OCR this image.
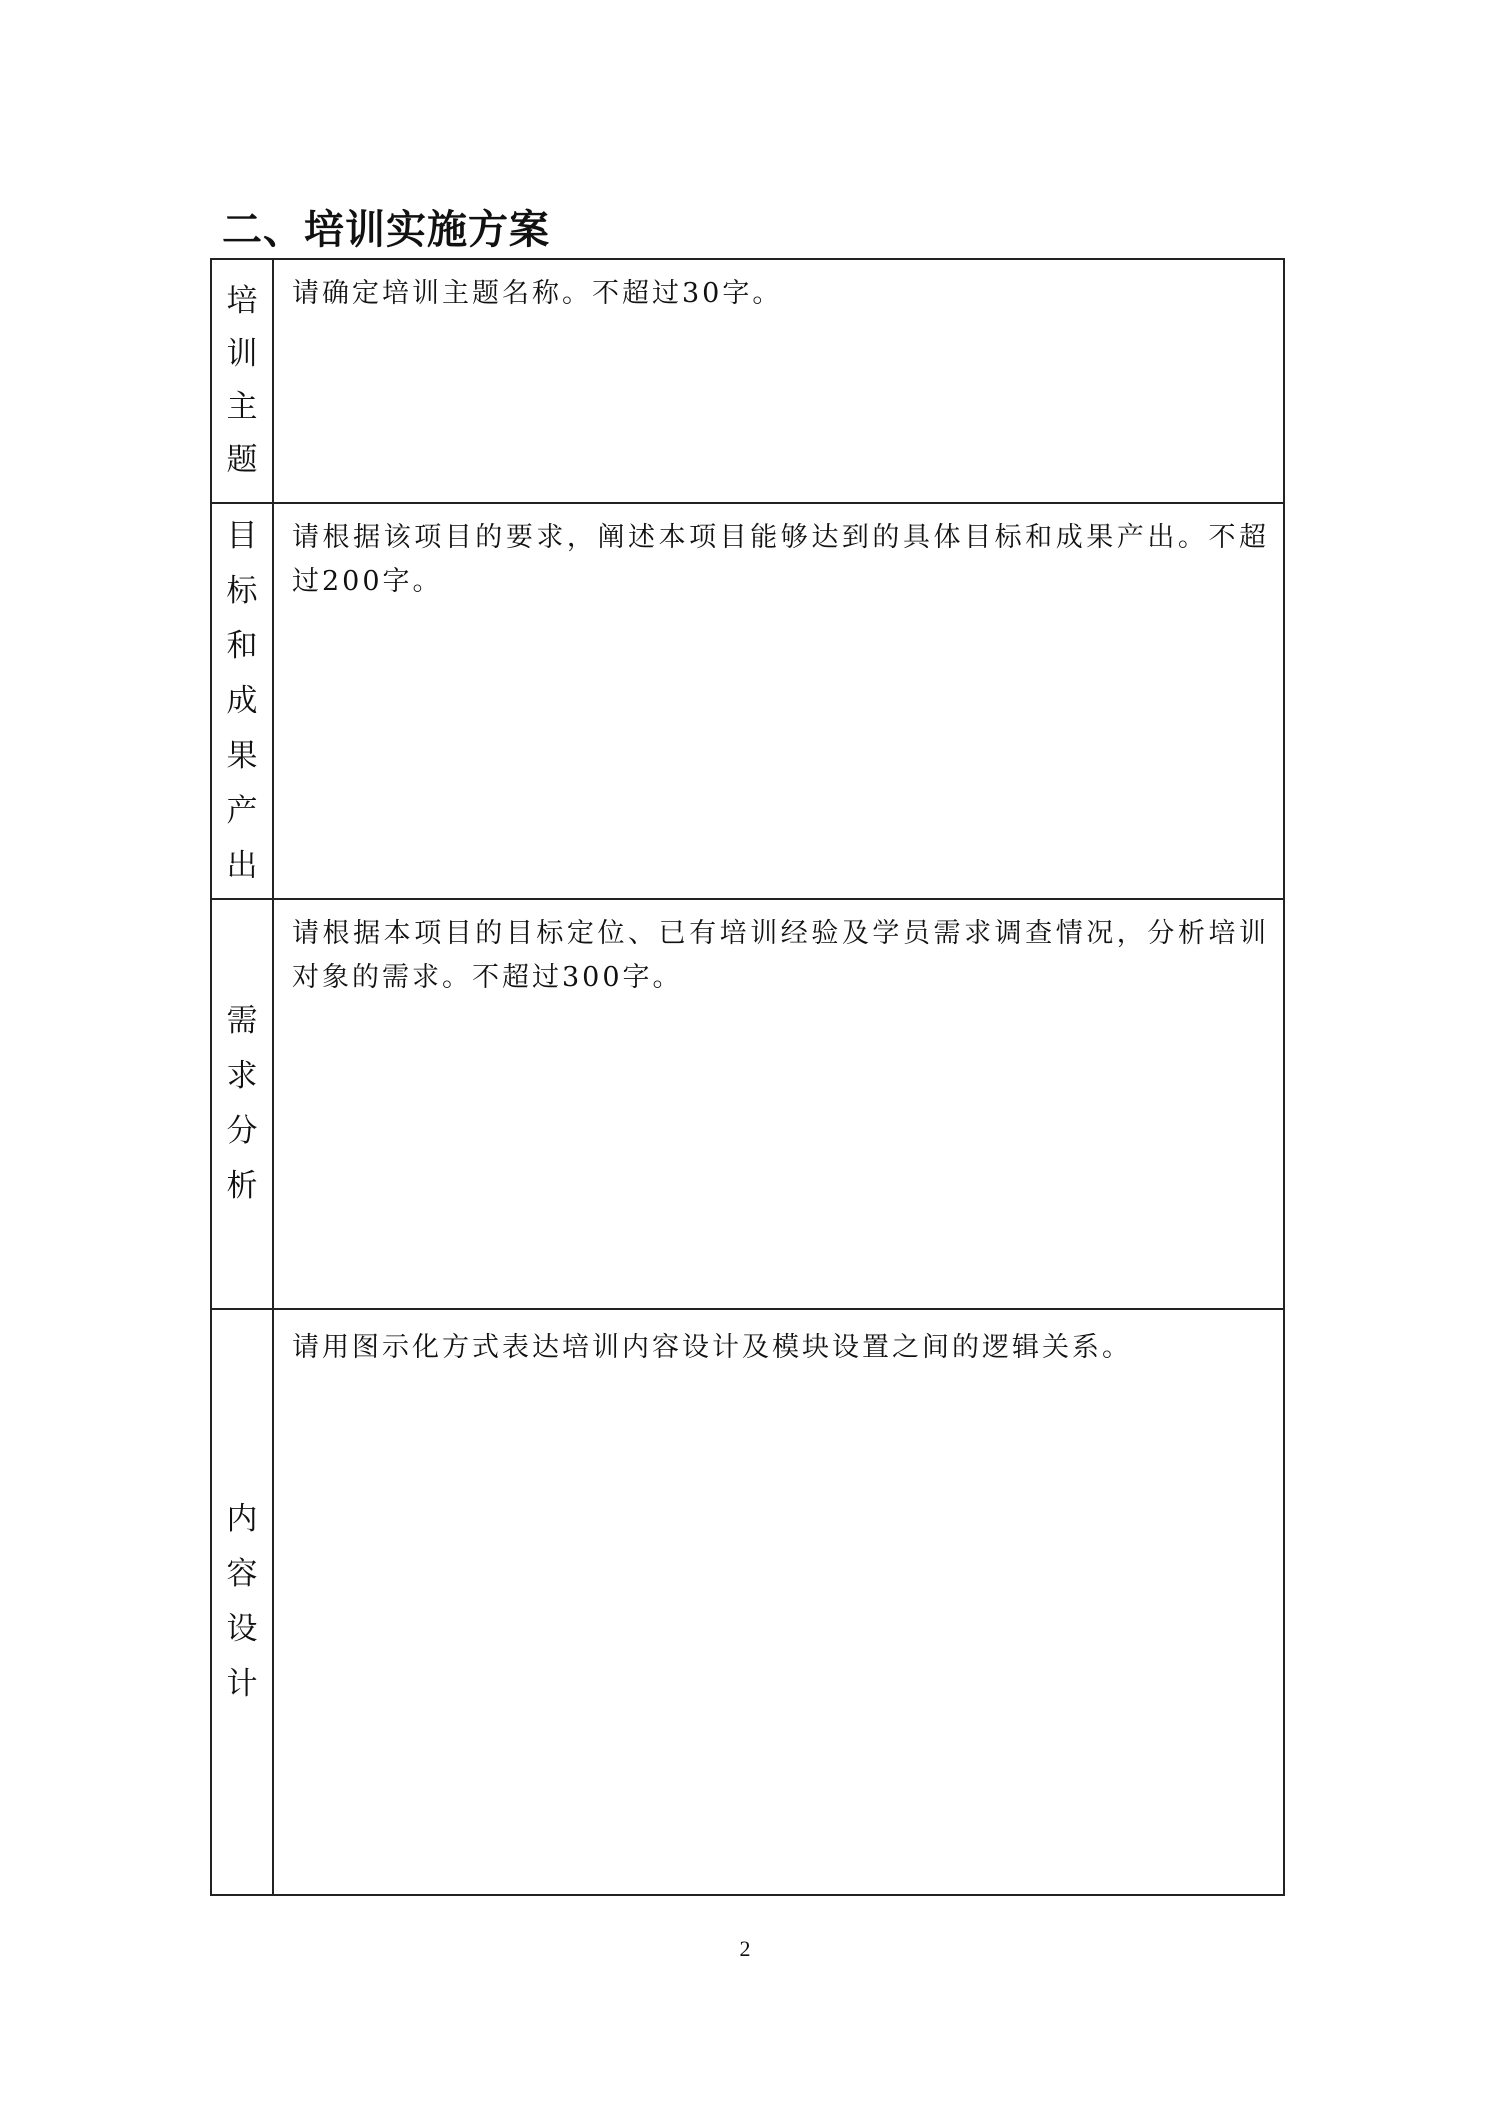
二、培训实施方案
培
训
主
题
请确定培训主题名称。不超过30字。
目
标
和
成
果
产
出
请根据该项目的要求，阐述本项目能够达到的具体目标和成果产出。不超过200字。
需
求
分
析
请根据本项目的目标定位、已有培训经验及学员需求调查情况，分析培训对象的需求。不超过300字。
内
容
设
计
请用图示化方式表达培训内容设计及模块设置之间的逻辑关系。
2
